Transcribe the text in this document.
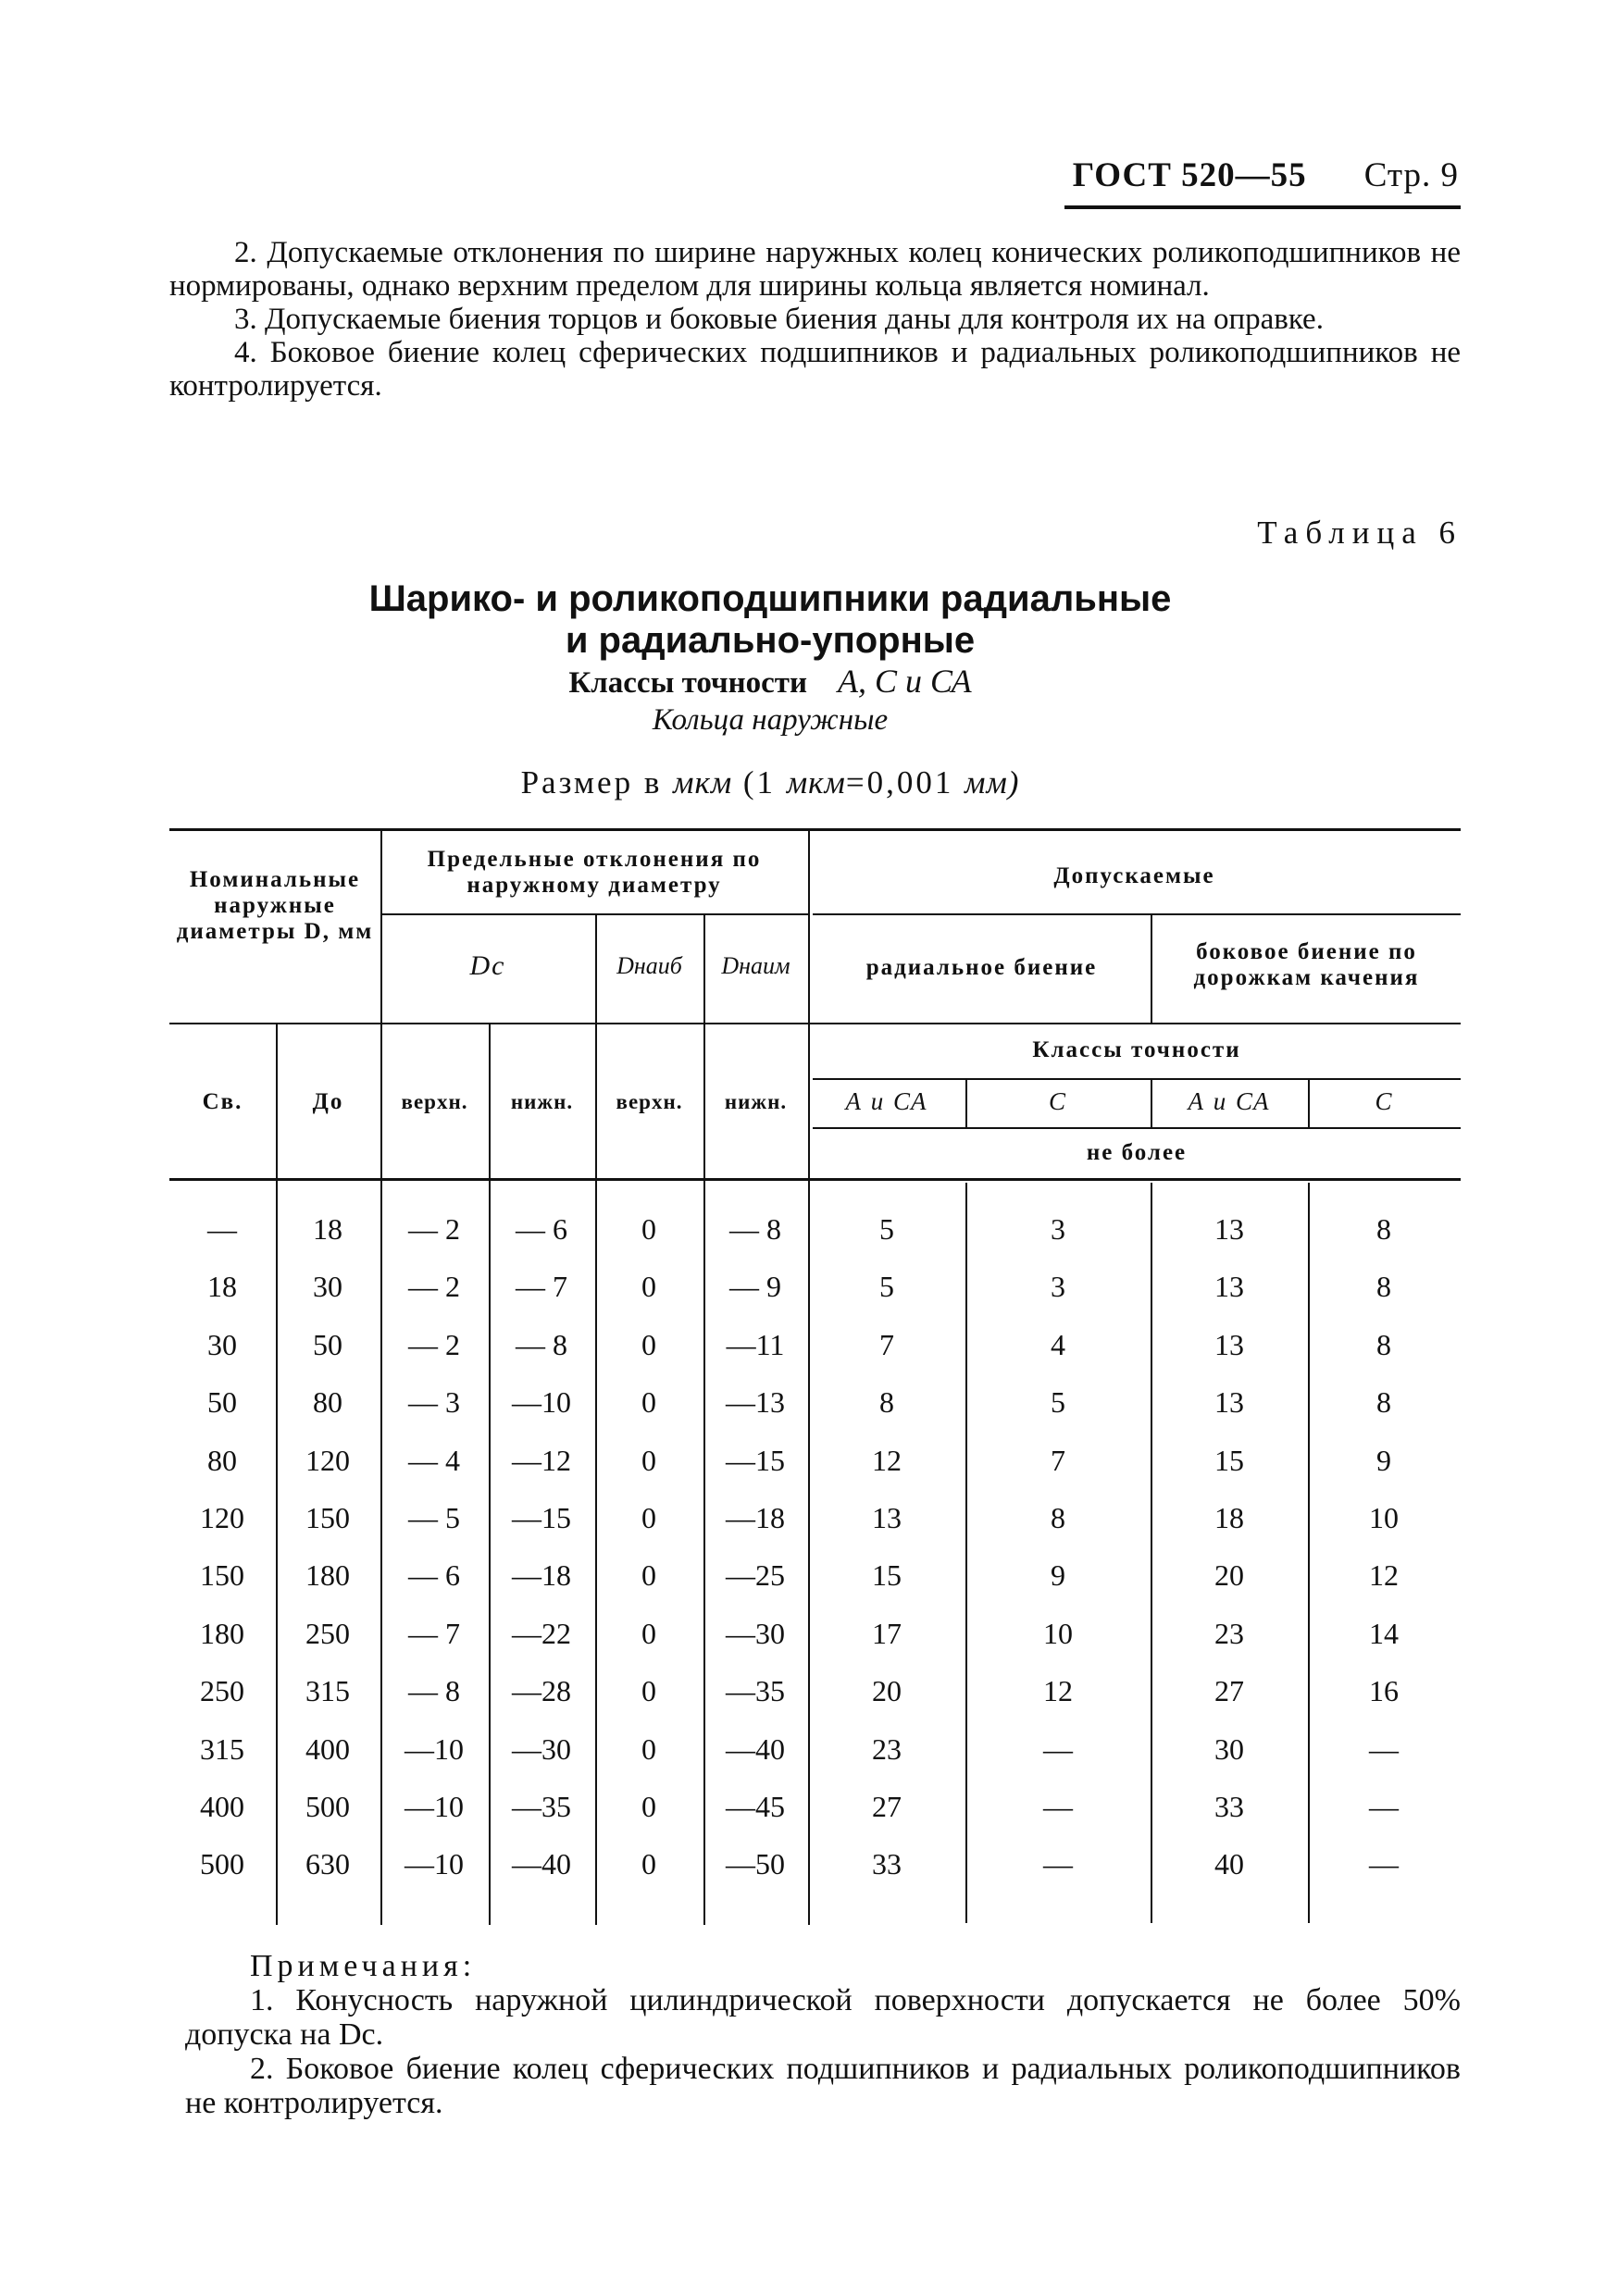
ГОСТ 520—55 Стр. 9

2. Допускаемые отклонения по ширине наружных колец конических роликоподшипников не нормированы, однако верхним пределом для ширины кольца является номинал.

3. Допускаемые биения торцов и боковые биения даны для контроля их на оправке.

4. Боковое биение колец сферических подшипников и радиальных роликоподшипников не контролируется.

Таблица 6
Шарико- и роликоподшипники радиальные
и радиально-упорные
Классы точности А, С и СА
Кольца наружные
Размер в мкм (1 мкм=0,001 мм)
Номинальные наружные диаметры D, мм
Предельные отклонения по наружному диаметру	Допускаемые
Dc	Dнаиб	Dнаим	радиальное биение
боковое биение по дорожкам качения
Классы точности
Св.	До	верхн.	нижн.	верхн.	нижн.	А и СА	С	А и СА	С
не более
—	18	— 2	— 6	0	— 8	5	3	13	8
18	30	— 2	— 7	0	— 9	5	3	13	8
30	50	— 2	— 8	0	—11	7	4	13	8
50	80	— 3	—10	0	—13	8	5	13	8
80	120	— 4	—12	0	—15	12	7	15	9
120	150	— 5	—15	0	—18	13	8	18	10
150	180	— 6	—18	0	—25	15	9	20	12
180	250	— 7	—22	0	—30	17	10	23	14
250	315	— 8	—28	0	—35	20	12	27	16
315	400	—10	—30	0	—40	23	—	30	—
400	500	—10	—35	0	—45	27	—	33	—
500	630	—10	—40	0	—50	33	—	40	—

Примечания:

1. Конусность наружной цилиндрической поверхности допускается не более 50% допуска на Dc.

2. Боковое биение колец сферических подшипников и радиальных роликоподшипников не контролируется.
